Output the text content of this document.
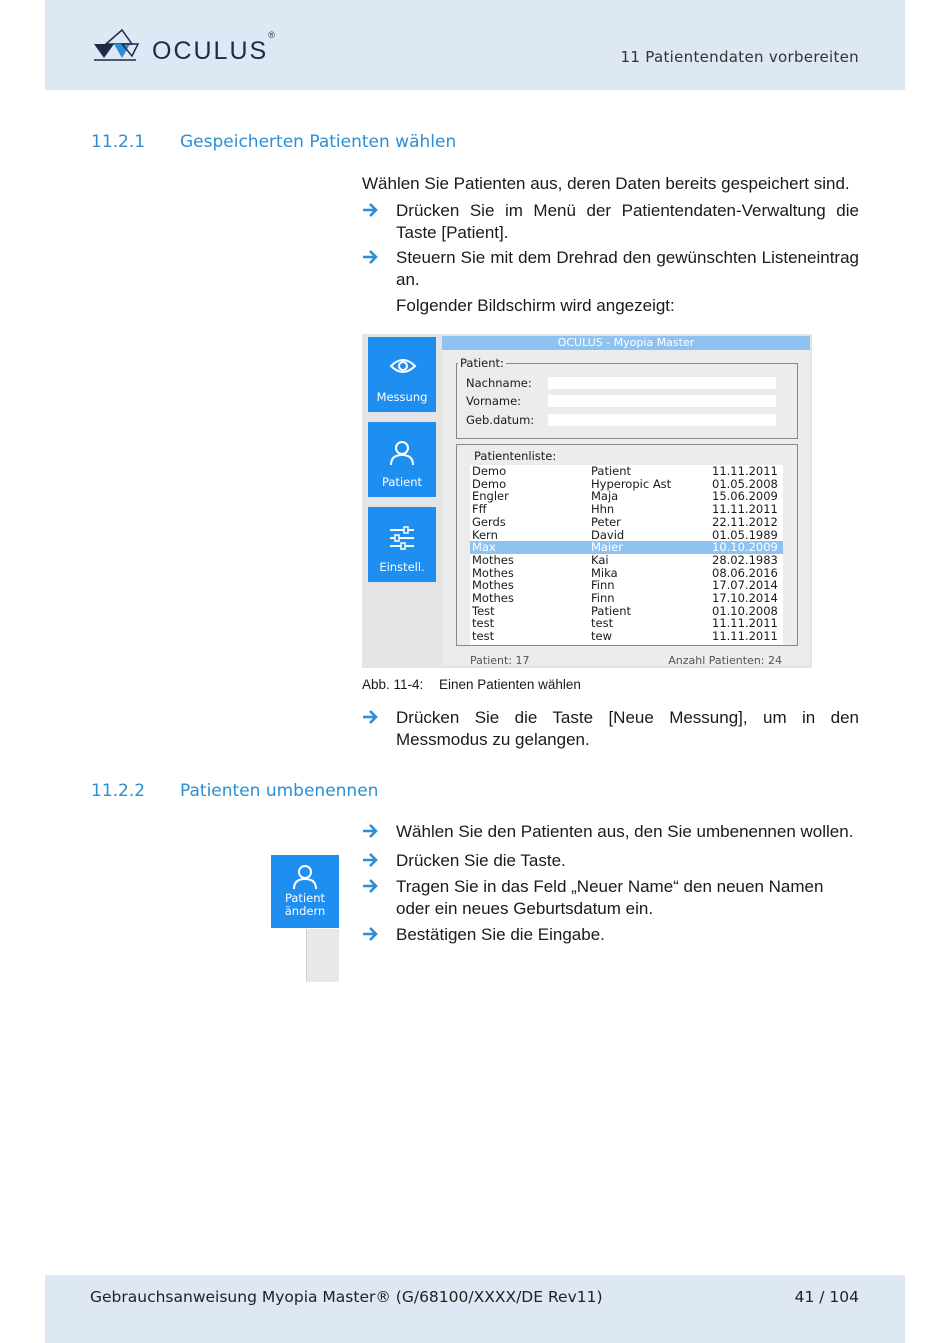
OCULUS®
11 Patientendaten vorbereiten
11.2.1 Gespeicherten Patienten wählen
Wählen Sie Patienten aus, deren Daten bereits gespeichert sind.
Drücken Sie im Menü der Patientendaten-Verwaltung die Taste [Patient].
Steuern Sie mit dem Drehrad den gewünschten Listeneintrag an.
Folgender Bildschirm wird angezeigt:
Messung
Patient
Einstell.
OCULUS - Myopia Master
Patient:
Nachname:
Vorname:
Geb.datum:
Patientenliste:
Demo	Patient	11.11.2011
Demo	Hyperopic Ast	01.05.2008
Engler	Maja	15.06.2009
Fff	Hhn	11.11.2011
Gerds	Peter	22.11.2012
Kern	David	01.05.1989
Max	Maier	10.10.2009
Mothes	Kai	28.02.1983
Mothes	Mika	08.06.2016
Mothes	Finn	17.07.2014
Mothes	Finn	17.10.2014
Test	Patient	01.10.2008
test	test	11.11.2011
test	tew	11.11.2011
Patient: 17	Anzahl Patienten: 24
Abb. 11-4: Einen Patienten wählen
Drücken Sie die Taste [Neue Messung], um in den Messmodus zu gelangen.
11.2.2 Patienten umbenennen
Patient
ändern
Wählen Sie den Patienten aus, den Sie umbenennen wollen.
Drücken Sie die Taste.
Tragen Sie in das Feld „Neuer Name“ den neuen Namen oder ein neues Geburtsdatum ein.
Bestätigen Sie die Eingabe.
Gebrauchsanweisung Myopia Master® (G/68100/XXXX/DE Rev11)	41 / 104
